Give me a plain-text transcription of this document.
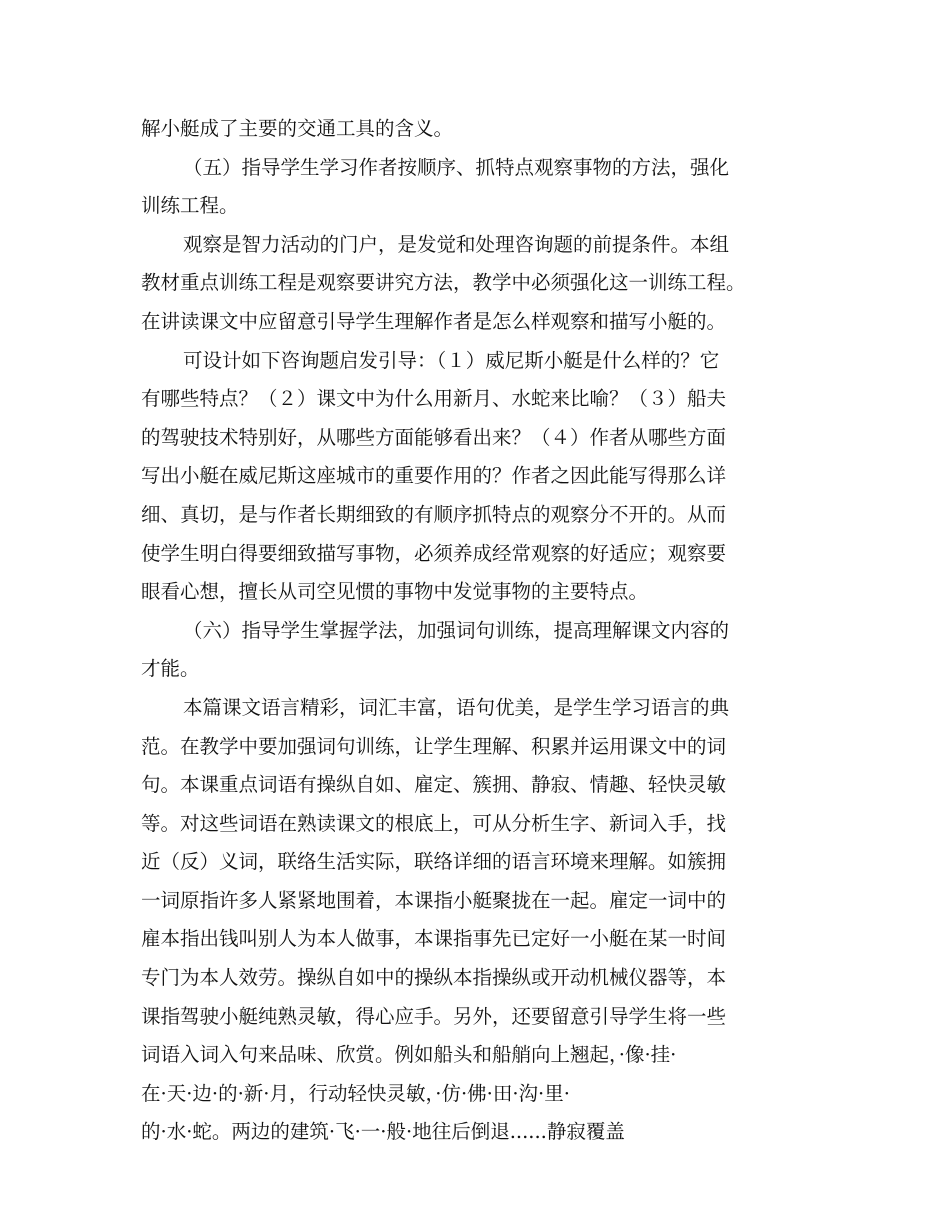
解小艇成了主要的交通工具的含义。
（五）指导学生学习作者按顺序、抓特点观察事物的方法，强化
训练工程。
观察是智力活动的门户，是发觉和处理咨询题的前提条件。本组
教材重点训练工程是观察要讲究方法，教学中必须强化这一训练工程。
在讲读课文中应留意引导学生理解作者是怎么样观察和描写小艇的。
可设计如下咨询题启发引导：（１）威尼斯小艇是什么样的？它
有哪些特点？（２）课文中为什么用新月、水蛇来比喻？（３）船夫
的驾驶技术特别好，从哪些方面能够看出来？（４）作者从哪些方面
写出小艇在威尼斯这座城市的重要作用的？作者之因此能写得那么详
细、真切，是与作者长期细致的有顺序抓特点的观察分不开的。从而
使学生明白得要细致描写事物，必须养成经常观察的好适应；观察要
眼看心想，擅长从司空见惯的事物中发觉事物的主要特点。
（六）指导学生掌握学法，加强词句训练，提高理解课文内容的
才能。
本篇课文语言精彩，词汇丰富，语句优美，是学生学习语言的典
范。在教学中要加强词句训练，让学生理解、积累并运用课文中的词
句。本课重点词语有操纵自如、雇定、簇拥、静寂、情趣、轻快灵敏
等。对这些词语在熟读课文的根底上，可从分析生字、新词入手，找
近（反）义词，联络生活实际，联络详细的语言环境来理解。如簇拥
一词原指许多人紧紧地围着，本课指小艇聚拢在一起。雇定一词中的
雇本指出钱叫别人为本人做事，本课指事先已定好一小艇在某一时间
专门为本人效劳。操纵自如中的操纵本指操纵或开动机械仪器等，本
课指驾驶小艇纯熟灵敏，得心应手。另外，还要留意引导学生将一些
词语入词入句来品味、欣赏。例如船头和船艄向上翘起，·像·挂·
在·天·边·的·新·月，行动轻快灵敏，·仿·佛·田·沟·里·
的·水·蛇。两边的建筑·飞·一·般·地往后倒退......静寂覆盖
